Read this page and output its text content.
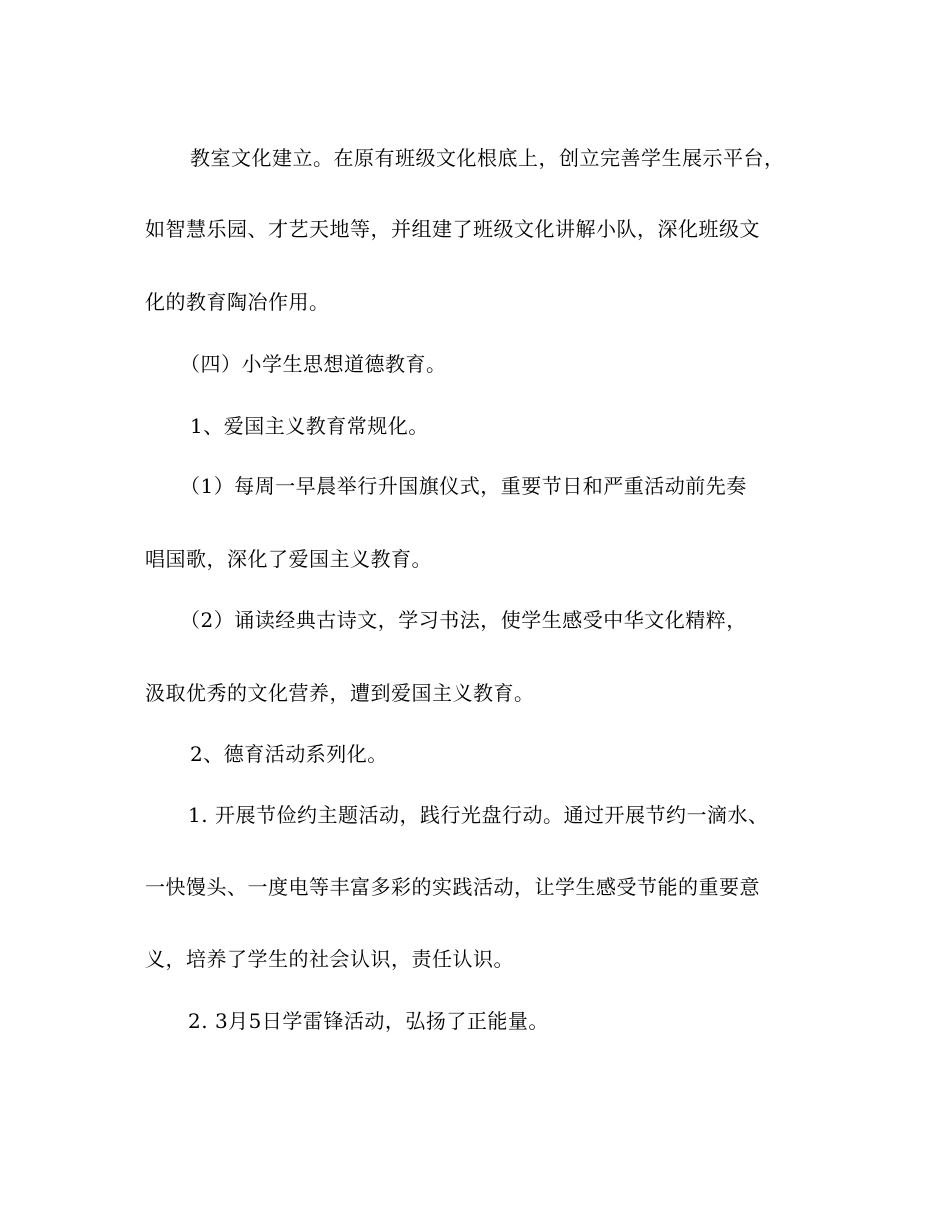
教室文化建立。在原有班级文化根底上，创立完善学生展示平台，
如智慧乐园、才艺天地等，并组建了班级文化讲解小队，深化班级文
化的教育陶冶作用。
（四）小学生思想道德教育。
1、爱国主义教育常规化。
（1）每周一早晨举行升国旗仪式，重要节日和严重活动前先奏
唱国歌，深化了爱国主义教育。
（2）诵读经典古诗文，学习书法，使学生感受中华文化精粹，
汲取优秀的文化营养，遭到爱国主义教育。
2、德育活动系列化。
1. 开展节俭约主题活动，践行光盘行动。通过开展节约一滴水、
一快馒头、一度电等丰富多彩的实践活动，让学生感受节能的重要意
义，培养了学生的社会认识，责任认识。
2. 3月5日学雷锋活动，弘扬了正能量。
